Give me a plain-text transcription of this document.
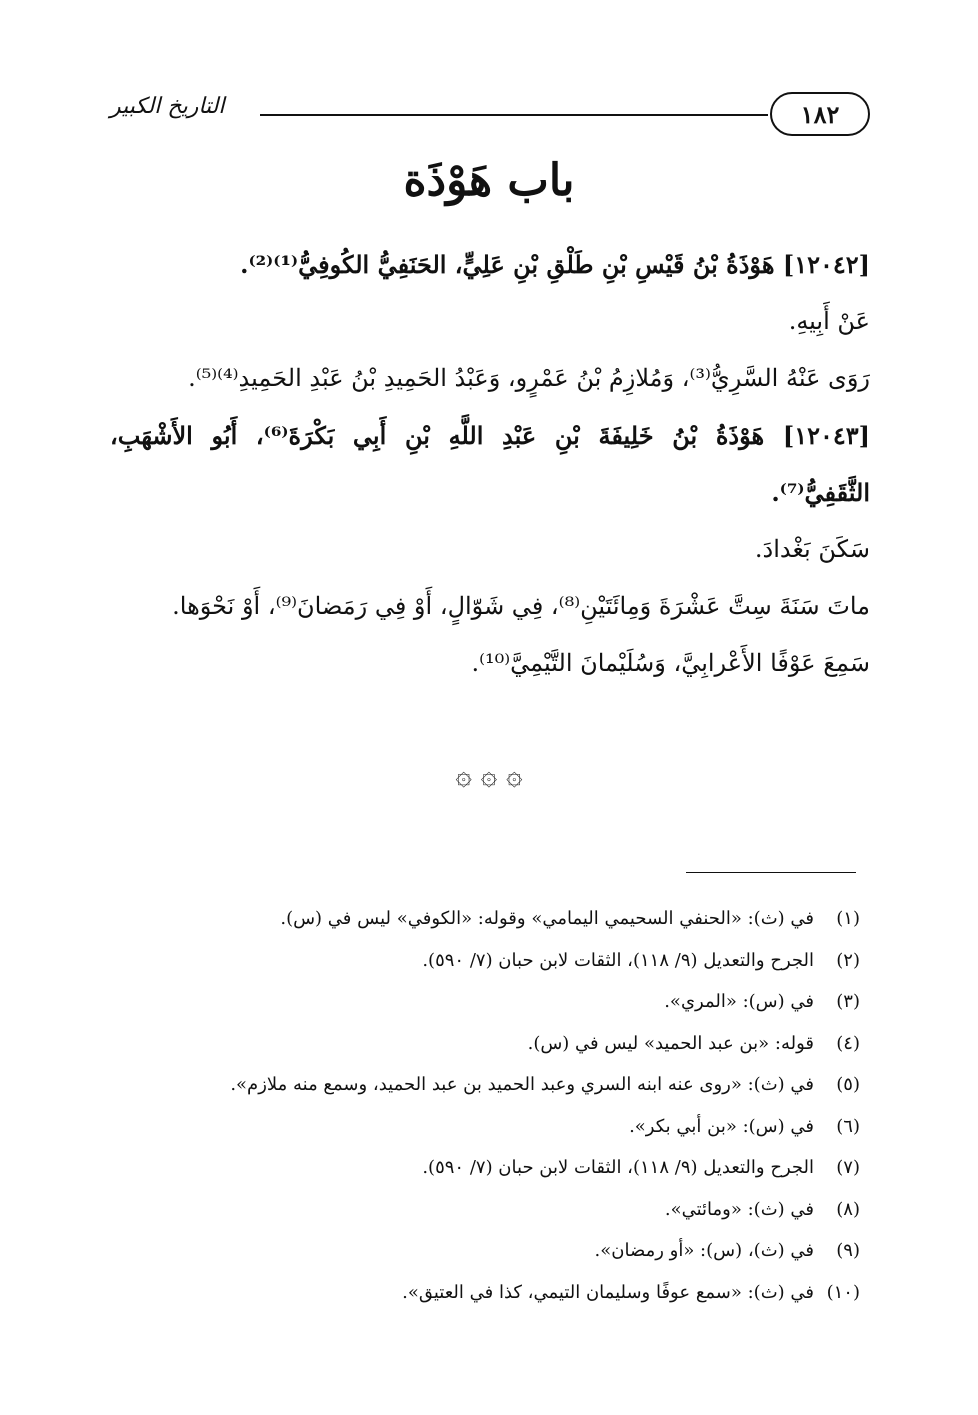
١٨٢
التاريخ الكبير
باب هَوْذَة
[١٢٠٤٢] هَوْذَةُ بْنُ قَيْسِ بْنِ طَلْقِ بْنِ عَلِيٍّ، الحَنَفِيُّ الكُوفِيُّ⁽¹⁾⁽²⁾.
عَنْ أَبِيهِ.
رَوَى عَنْهُ السَّرِيُّ⁽³⁾، وَمُلازِمُ بْنُ عَمْرٍو، وَعَبْدُ الحَمِيدِ بْنُ عَبْدِ الحَمِيدِ⁽⁴⁾⁽⁵⁾.
[١٢٠٤٣] هَوْذَةُ بْنُ خَلِيفَةَ بْنِ عَبْدِ اللَّهِ بْنِ أَبِي بَكْرَةَ⁽⁶⁾، أَبُو الأَشْهَبِ،
الثَّقَفِيُّ⁽⁷⁾.
سَكَنَ بَغْدادَ.
ماتَ سَنَةَ سِتَّ عَشْرَةَ وَمِائَتَيْنِ⁽⁸⁾، فِي شَوّالٍ، أَوْ فِي رَمَضانَ⁽⁹⁾، أَوْ نَحْوَها.
سَمِعَ عَوْفًا الأَعْرابِيَّ، وَسُلَيْمانَ التَّيْمِيَّ⁽¹⁰⁾.
۞ ۞ ۞
(١)في (ث): «الحنفي السحيمي اليمامي» وقوله: «الكوفي» ليس في (س).
(٢)الجرح والتعديل (٩/ ١١٨)، الثقات لابن حبان (٧/ ٥٩٠).
(٣)في (س): «المري».
(٤)قوله: «بن عبد الحميد» ليس في (س).
(٥)في (ث): «روى عنه ابنه السري وعبد الحميد بن عبد الحميد، وسمع منه ملازم».
(٦)في (س): «بن أبي بكر».
(٧)الجرح والتعديل (٩/ ١١٨)، الثقات لابن حبان (٧/ ٥٩٠).
(٨)في (ث): «ومائتي».
(٩)في (ث)، (س): «أو رمضان».
(١٠)في (ث): «سمع عوفًا وسليمان التيمي، كذا في العتيق».
